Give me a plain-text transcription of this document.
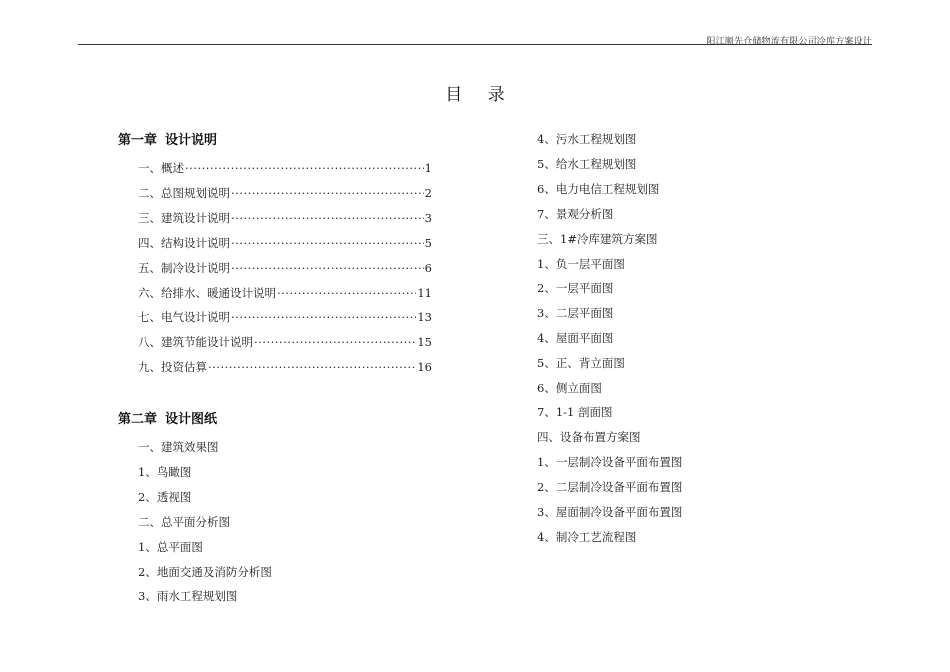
阳江顺先仓储物流有限公司冷库方案设计
目 录
第一章 设计说明
一、概述 ·····	1
二、总图规划说明 ·····	2
三、建筑设计说明 ·····	3
四、结构设计说明 ·····	5
五、制冷设计说明 ·····	6
六、给排水、暖通设计说明 ·····	11
七、电气设计说明 ·····	13
八、建筑节能设计说明 ·····	15
九、投资估算 ·····	16
第二章 设计图纸
一、建筑效果图
1、鸟瞰图
2、透视图
二、总平面分析图
1、总平面图
2、地面交通及消防分析图
3、雨水工程规划图
4、污水工程规划图
5、给水工程规划图
6、电力电信工程规划图
7、景观分析图
三、1#冷库建筑方案图
1、负一层平面图
2、一层平面图
3、二层平面图
4、屋面平面图
5、正、背立面图
6、侧立面图
7、1-1 剖面图
四、设备布置方案图
1、一层制冷设备平面布置图
2、二层制冷设备平面布置图
3、屋面制冷设备平面布置图
4、制冷工艺流程图
